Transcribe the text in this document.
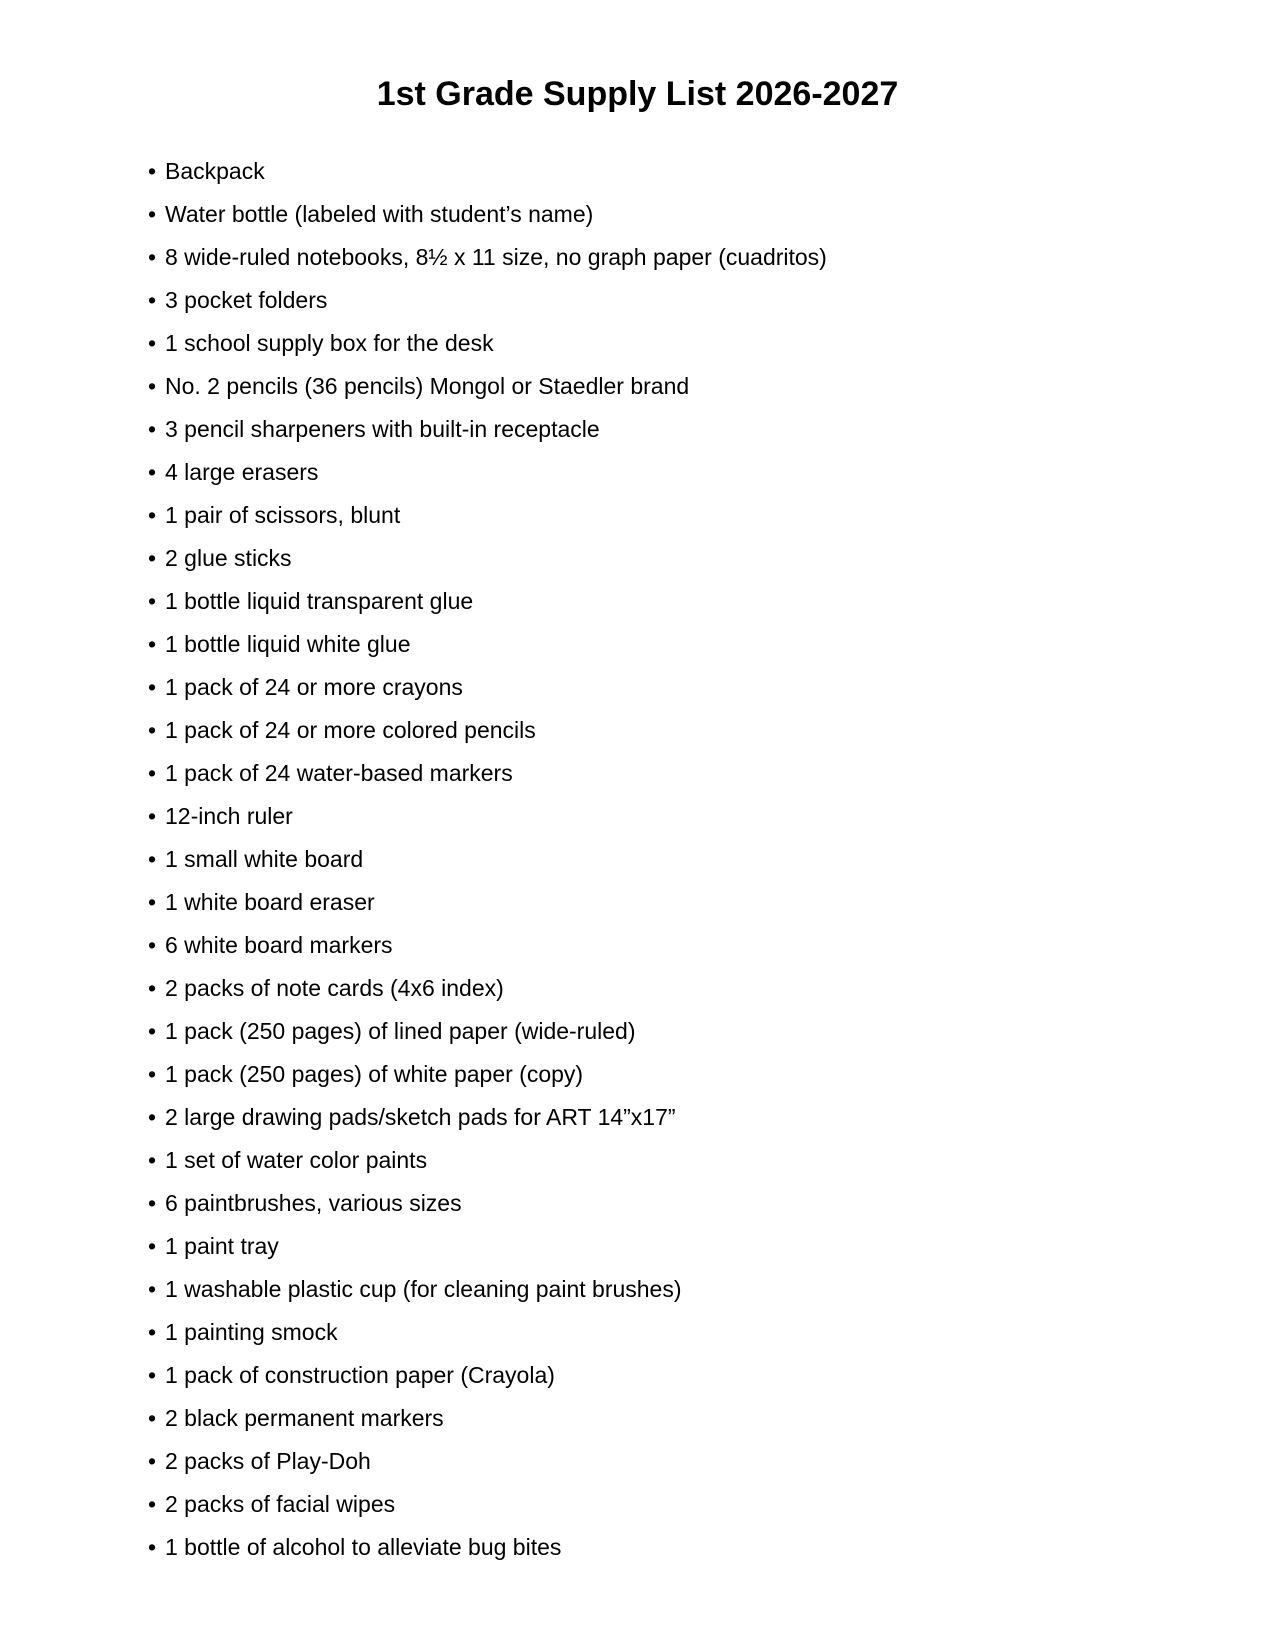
1st Grade Supply List 2026-2027
• Backpack
• Water bottle (labeled with student’s name)
• 8 wide-ruled notebooks, 8½ x 11 size, no graph paper (cuadritos)
• 3 pocket folders
• 1 school supply box for the desk
• No. 2 pencils (36 pencils) Mongol or Staedler brand
• 3 pencil sharpeners with built-in receptacle
• 4 large erasers
• 1 pair of scissors, blunt
• 2 glue sticks
• 1 bottle liquid transparent glue
• 1 bottle liquid white glue
• 1 pack of 24 or more crayons
• 1 pack of 24 or more colored pencils
• 1 pack of 24 water-based markers
• 12-inch ruler
• 1 small white board
• 1 white board eraser
• 6 white board markers
• 2 packs of note cards (4x6 index)
• 1 pack (250 pages) of lined paper (wide-ruled)
• 1 pack (250 pages) of white paper (copy)
• 2 large drawing pads/sketch pads for ART 14”x17”
• 1 set of water color paints
• 6 paintbrushes, various sizes
• 1 paint tray
• 1 washable plastic cup (for cleaning paint brushes)
• 1 painting smock
• 1 pack of construction paper (Crayola)
• 2 black permanent markers
• 2 packs of Play-Doh
• 2 packs of facial wipes
• 1 bottle of alcohol to alleviate bug bites
